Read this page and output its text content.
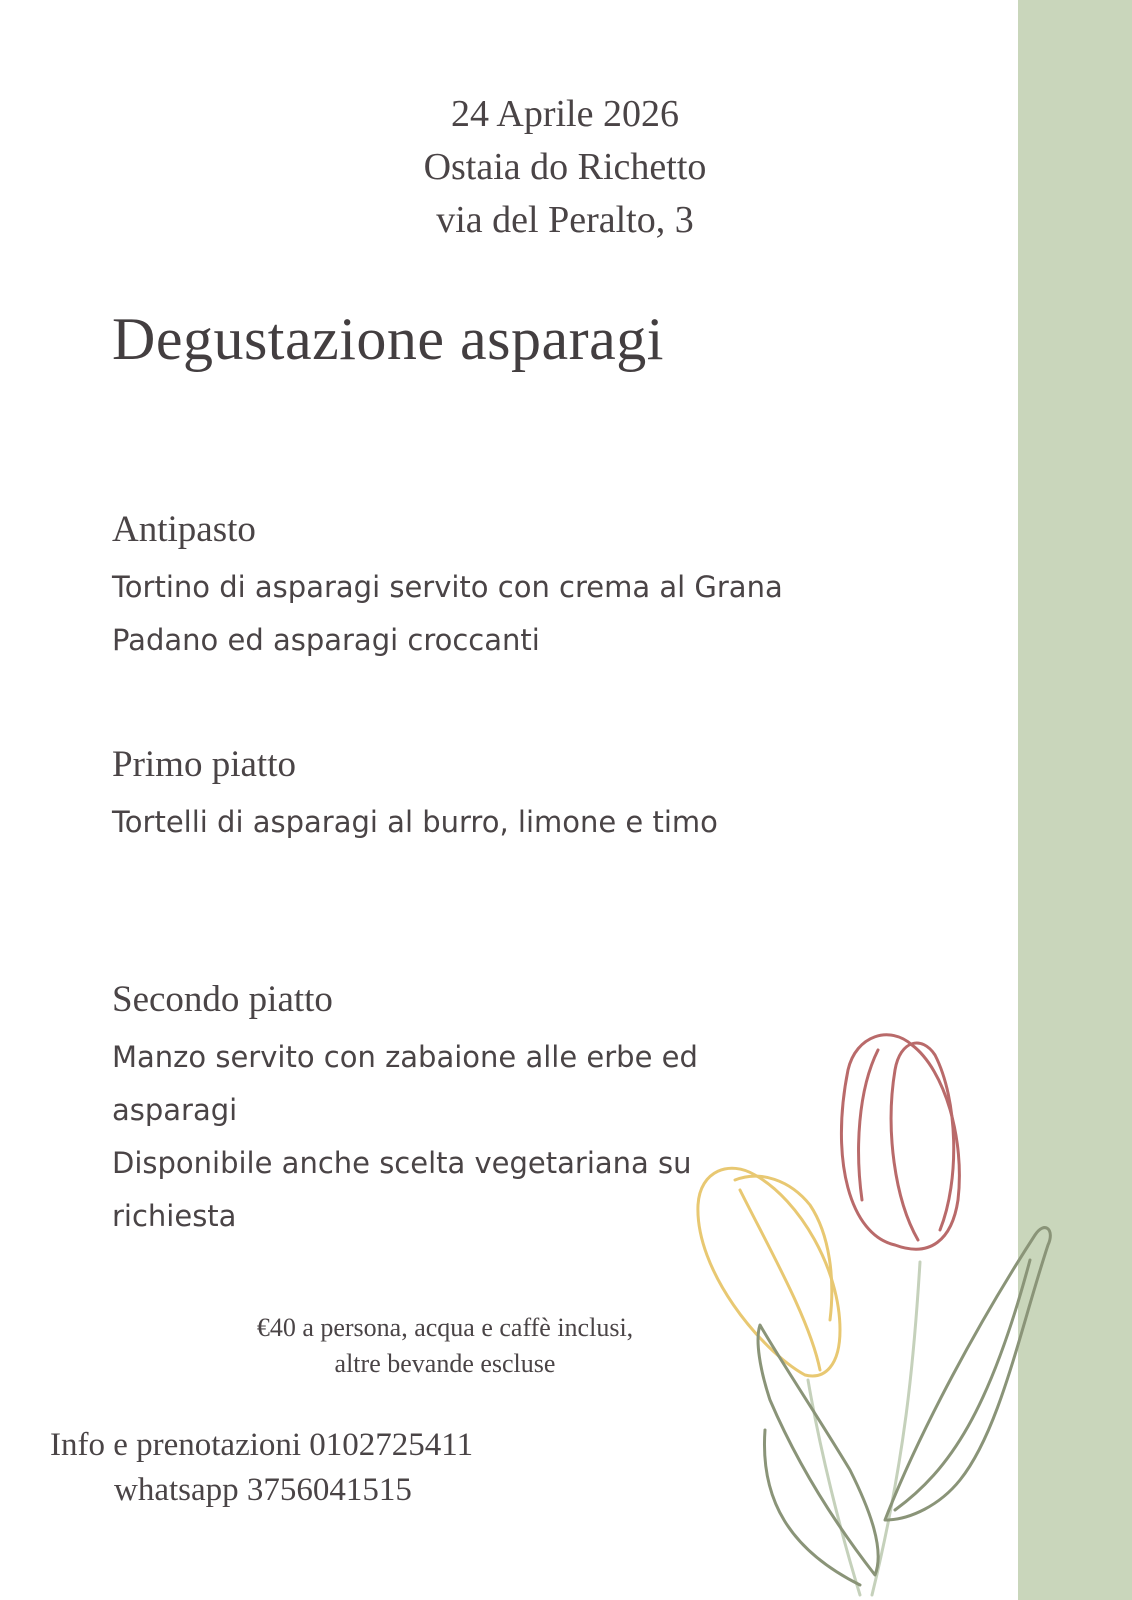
24 Aprile 2026
Ostaia do Richetto
via del Peralto, 3
Degustazione asparagi
Antipasto
Tortino di asparagi servito con crema al Grana
Padano ed asparagi croccanti
Primo piatto
Tortelli di asparagi al burro, limone e timo
Secondo piatto
Manzo servito con zabaione alle erbe ed
asparagi
Disponibile anche scelta vegetariana su
richiesta
€40 a persona, acqua e caffè inclusi,
altre bevande escluse
Info e prenotazioni 0102725411
whatsapp 3756041515
